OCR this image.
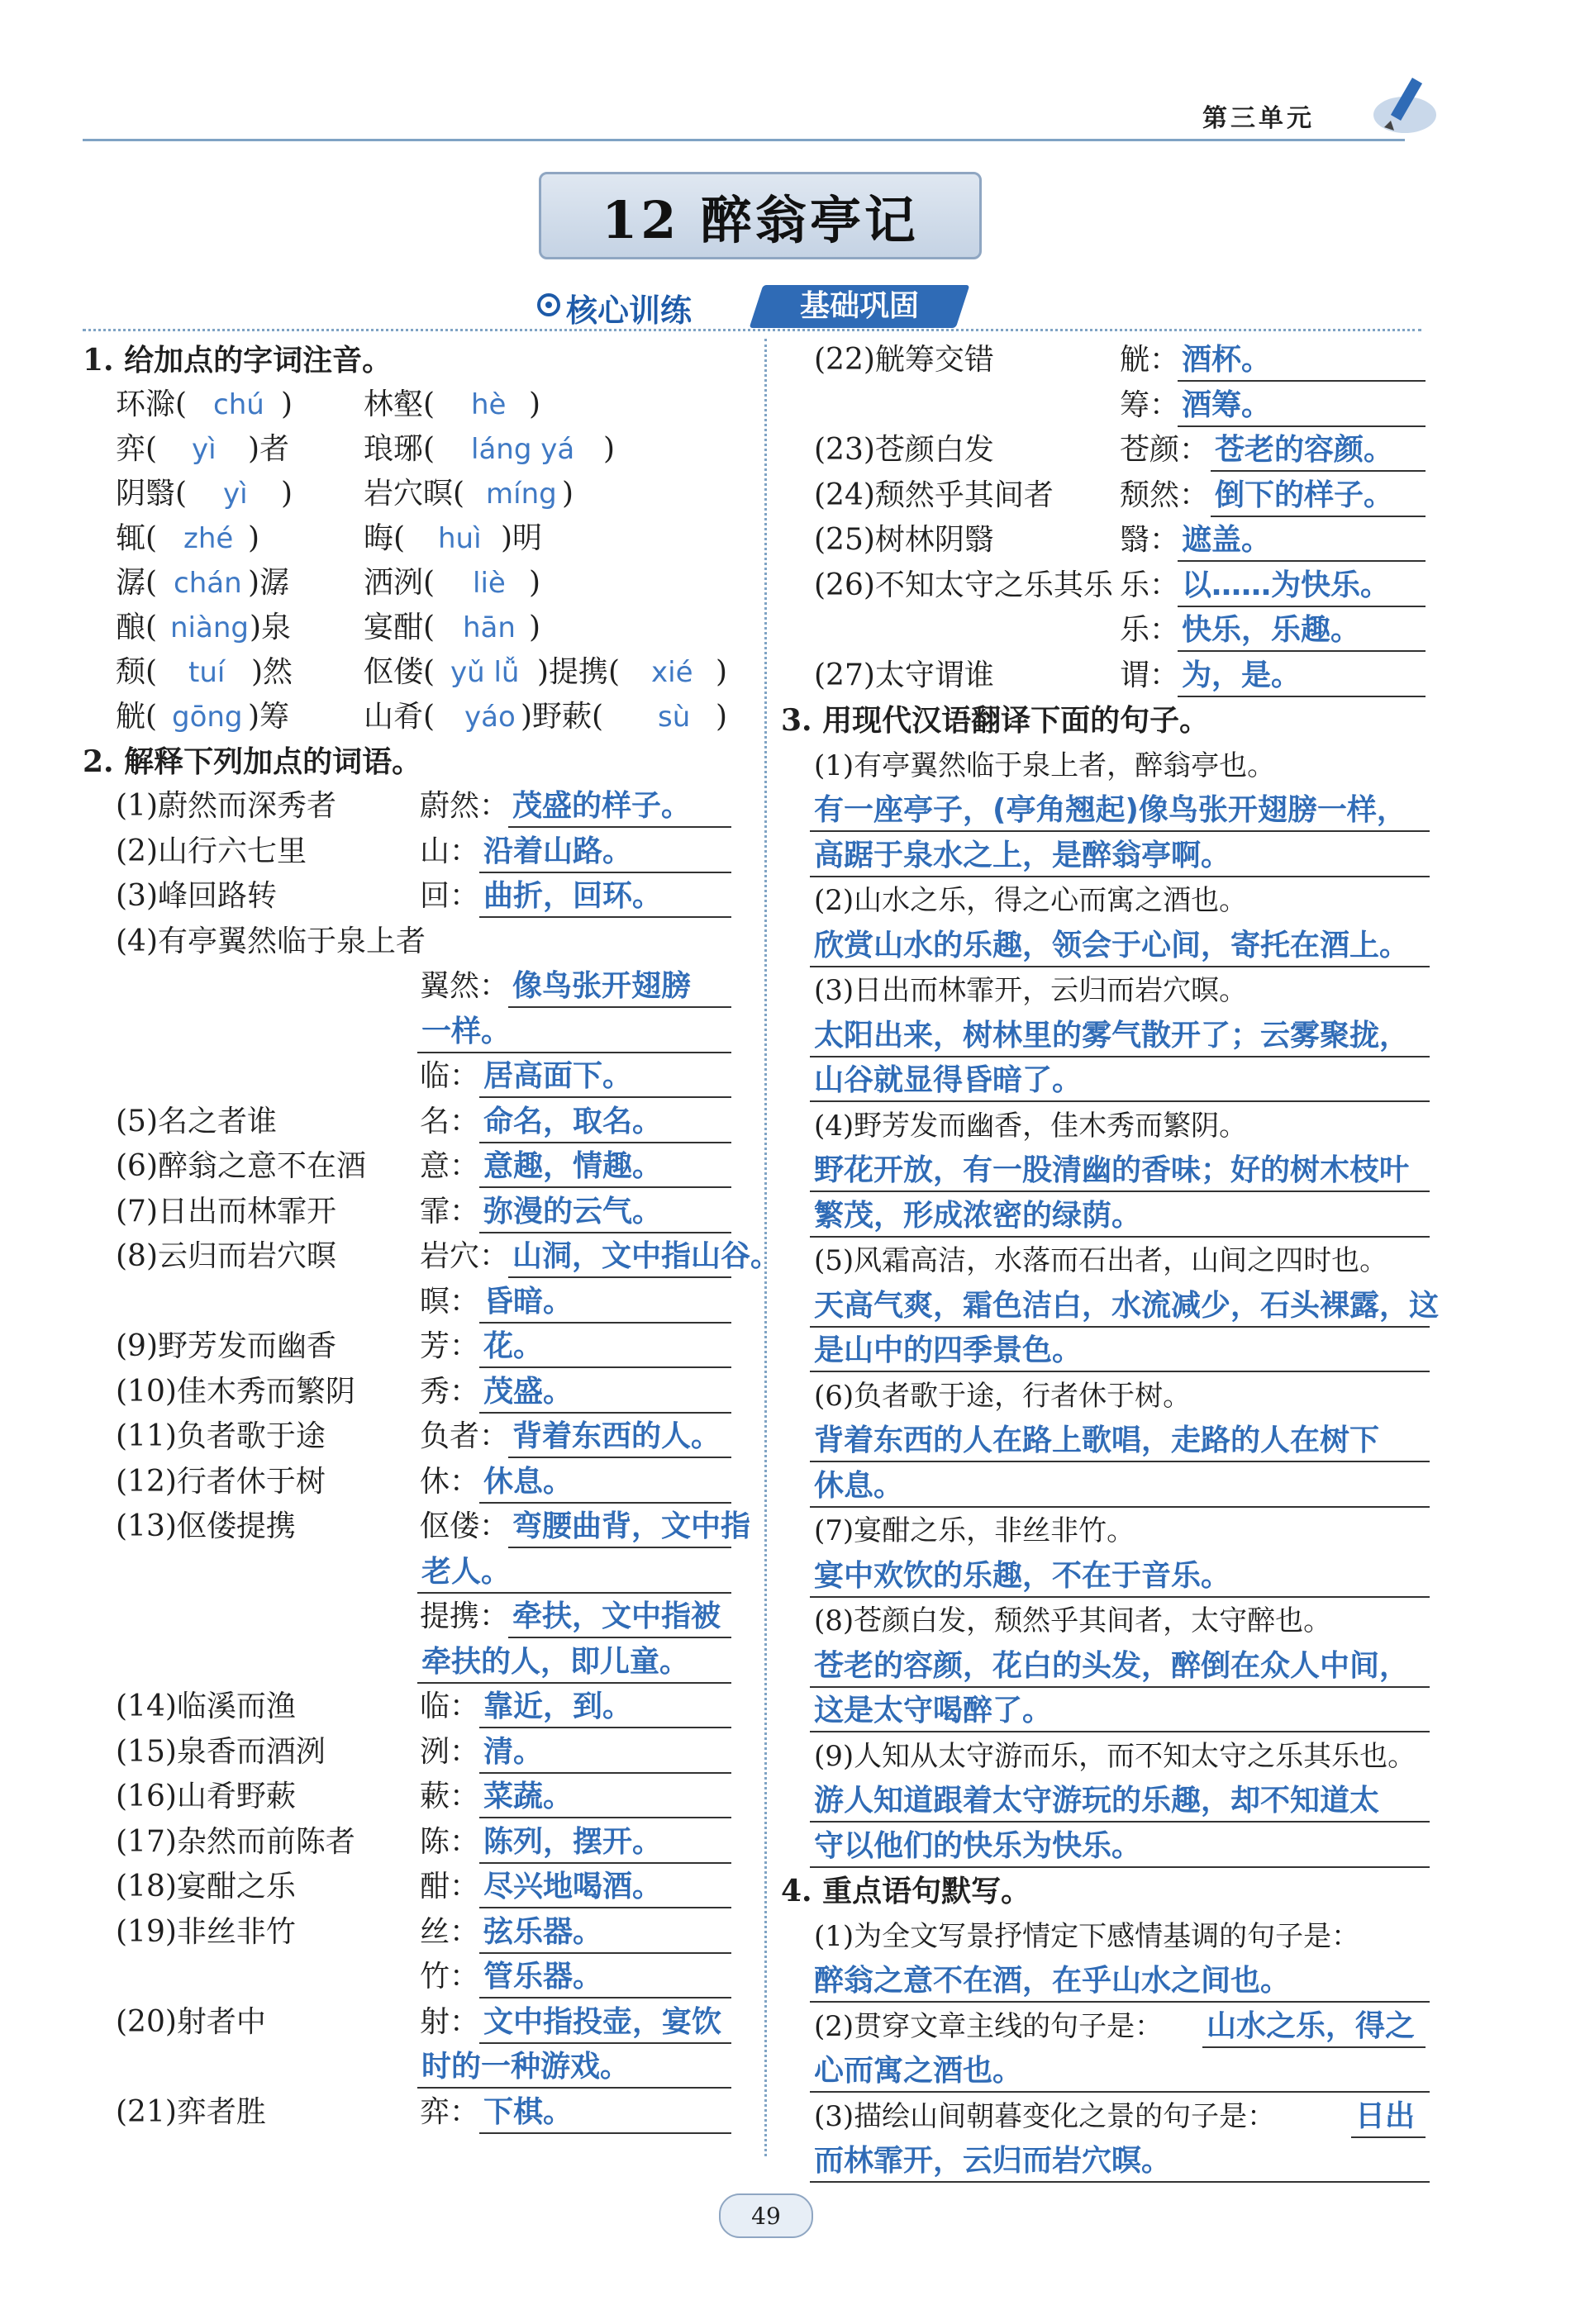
第三单元
12 醉翁亭记
核心训练	基础巩固
1. 给加点的字词注音。
环滁( chú ) 林壑( hè )
弈( yì )者 琅琊( láng yá )
阴翳( yì ) 岩穴暝( míng )
辄( zhé )	晦( huì )明
潺( chán )潺 洒洌( liè )
酿( niàng )泉 宴酣( hān )
颓( tuí )然 伛偻( yǔ lǚ )提携( xié )
觥( gōng )筹 山肴( yáo )野蔌( sù )
2. 解释下列加点的词语。
(1)蔚然而深秀者	蔚然： 茂盛的样子。
(2)山行六七里	山： 沿着山路。
(3)峰回路转	回： 曲折，回环。
(4)有亭翼然临于泉上者
翼然： 像鸟张开翅膀
一样。
临： 居高面下。
(5)名之者谁	名： 命名，取名。
(6)醉翁之意不在酒 意： 意趣，情趣。
(7)日出而林霏开	霏： 弥漫的云气。
(8)云归而岩穴暝	岩穴： 山洞，文中指山谷。
暝： 昏暗。
(9)野芳发而幽香	芳： 花。
(10)佳木秀而繁阴 秀： 茂盛。
(11)负者歌于途	负者： 背着东西的人。
(12)行者休于树	休： 休息。
(13)伛偻提携	伛偻： 弯腰曲背，文中指
老人。
提携： 牵扶，文中指被
牵扶的人，即儿童。
(14)临溪而渔	临： 靠近，到。
(15)泉香而酒洌	洌： 清。
(16)山肴野蔌	蔌： 菜蔬。
(17)杂然而前陈者 陈： 陈列，摆开。
(18)宴酣之乐	酣： 尽兴地喝酒。
(19)非丝非竹	丝： 弦乐器。
竹： 管乐器。
(20)射者中	射： 文中指投壶，宴饮
时的一种游戏。
(21)弈者胜	弈： 下棋。
(22)觥筹交错	觥： 酒杯。
筹： 酒筹。
(23)苍颜白发	苍颜： 苍老的容颜。
(24)颓然乎其间者 颓然： 倒下的样子。
(25)树林阴翳	翳： 遮盖。
(26)不知太守之乐其乐 乐： 以……为快乐。
乐： 快乐，乐趣。
(27)太守谓谁	谓： 为，是。
3. 用现代汉语翻译下面的句子。
(1)有亭翼然临于泉上者，醉翁亭也。
有一座亭子，(亭角翘起)像鸟张开翅膀一样，
高踞于泉水之上，是醉翁亭啊。
(2)山水之乐，得之心而寓之酒也。
欣赏山水的乐趣，领会于心间，寄托在酒上。
(3)日出而林霏开，云归而岩穴暝。
太阳出来，树林里的雾气散开了；云雾聚拢，
山谷就显得昏暗了。
(4)野芳发而幽香，佳木秀而繁阴。
野花开放，有一股清幽的香味；好的树木枝叶
繁茂，形成浓密的绿荫。
(5)风霜高洁，水落而石出者，山间之四时也。
天高气爽，霜色洁白，水流减少，石头裸露，这
是山中的四季景色。
(6)负者歌于途，行者休于树。
背着东西的人在路上歌唱，走路的人在树下
休息。
(7)宴酣之乐，非丝非竹。
宴中欢饮的乐趣，不在于音乐。
(8)苍颜白发，颓然乎其间者，太守醉也。
苍老的容颜，花白的头发，醉倒在众人中间，
这是太守喝醉了。
(9)人知从太守游而乐，而不知太守之乐其乐也。
游人知道跟着太守游玩的乐趣，却不知道太
守以他们的快乐为快乐。
4. 重点语句默写。
(1)为全文写景抒情定下感情基调的句子是：
醉翁之意不在酒，在乎山水之间也。
(2)贯穿文章主线的句子是： 山水之乐，得之
心而寓之酒也。
(3)描绘山间朝暮变化之景的句子是：	日出
而林霏开，云归而岩穴暝。
49
